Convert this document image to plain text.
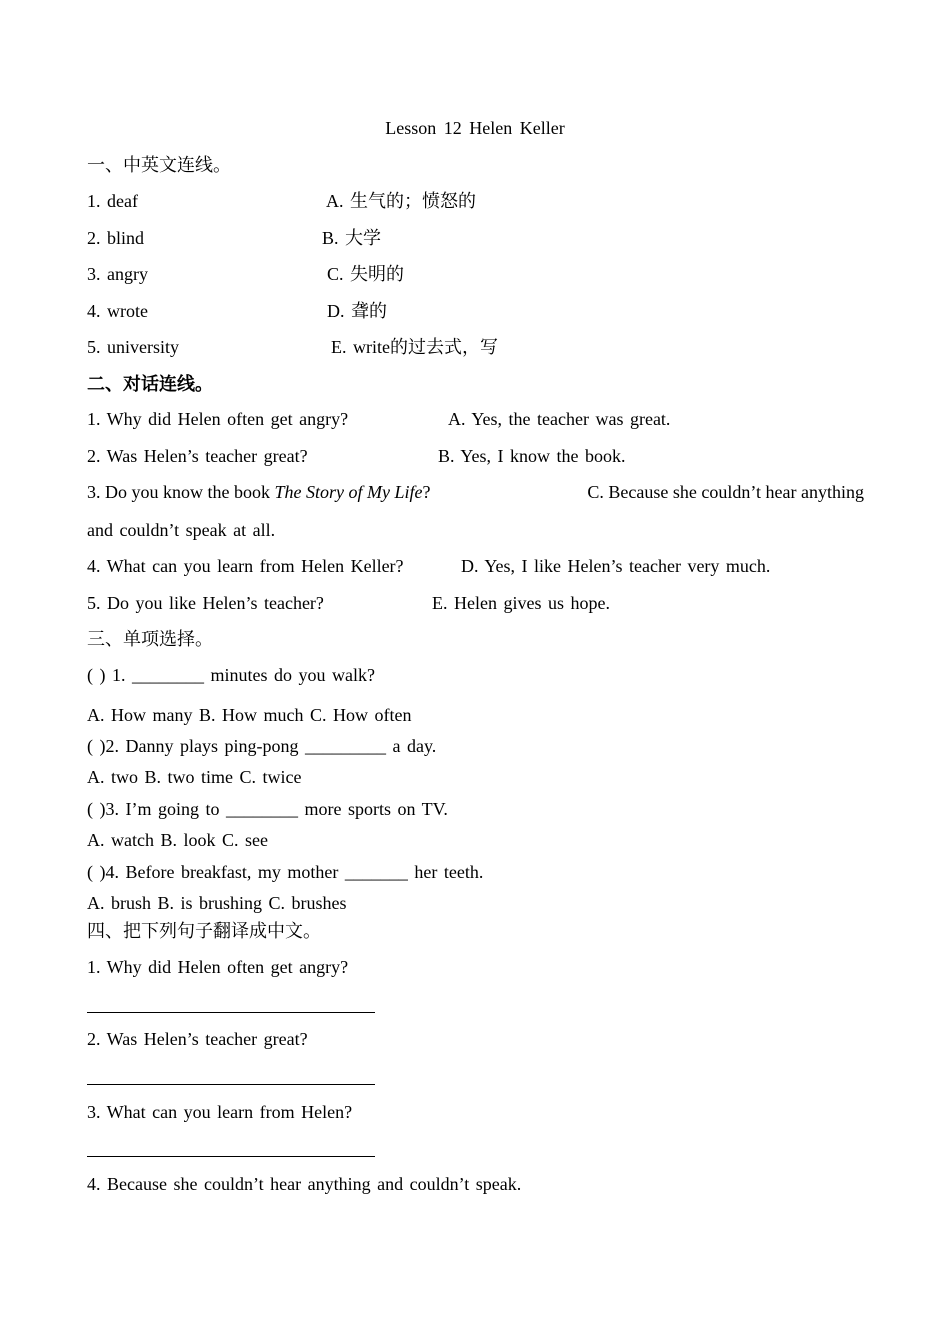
Lesson 12 Helen Keller
一、中英文连线。
1. deaf	A. 生气的；愤怒的
2. blind	B. 大学
3. angry	C. 失明的
4. wrote	D. 聋的
5. university	E. write的过去式，写
二、对话连线。
1. Why did Helen often get angry?	A. Yes, the teacher was great.
2. Was Helen’s teacher great?	B. Yes, I know the book.
3. Do you know the book The Story of My Life?	C. Because she couldn’t hear anything
and couldn’t speak at all.
4. What can you learn from Helen Keller?	D. Yes, I like Helen’s teacher very much.
5. Do you like Helen’s teacher?	E. Helen gives us hope.
三、单项选择。
( ) 1. ________ minutes do you walk?
A. How many B. How much C. How often
( )2. Danny plays ping-pong _________ a day.
A. two B. two time C. twice
( )3. I’m going to ________ more sports on TV.
A. watch B. look C. see
( )4. Before breakfast, my mother _______ her teeth.
A. brush B. is brushing C. brushes
四、把下列句子翻译成中文。
1. Why did Helen often get angry?
2. Was Helen’s teacher great?
3. What can you learn from Helen?
4. Because she couldn’t hear anything and couldn’t speak.
